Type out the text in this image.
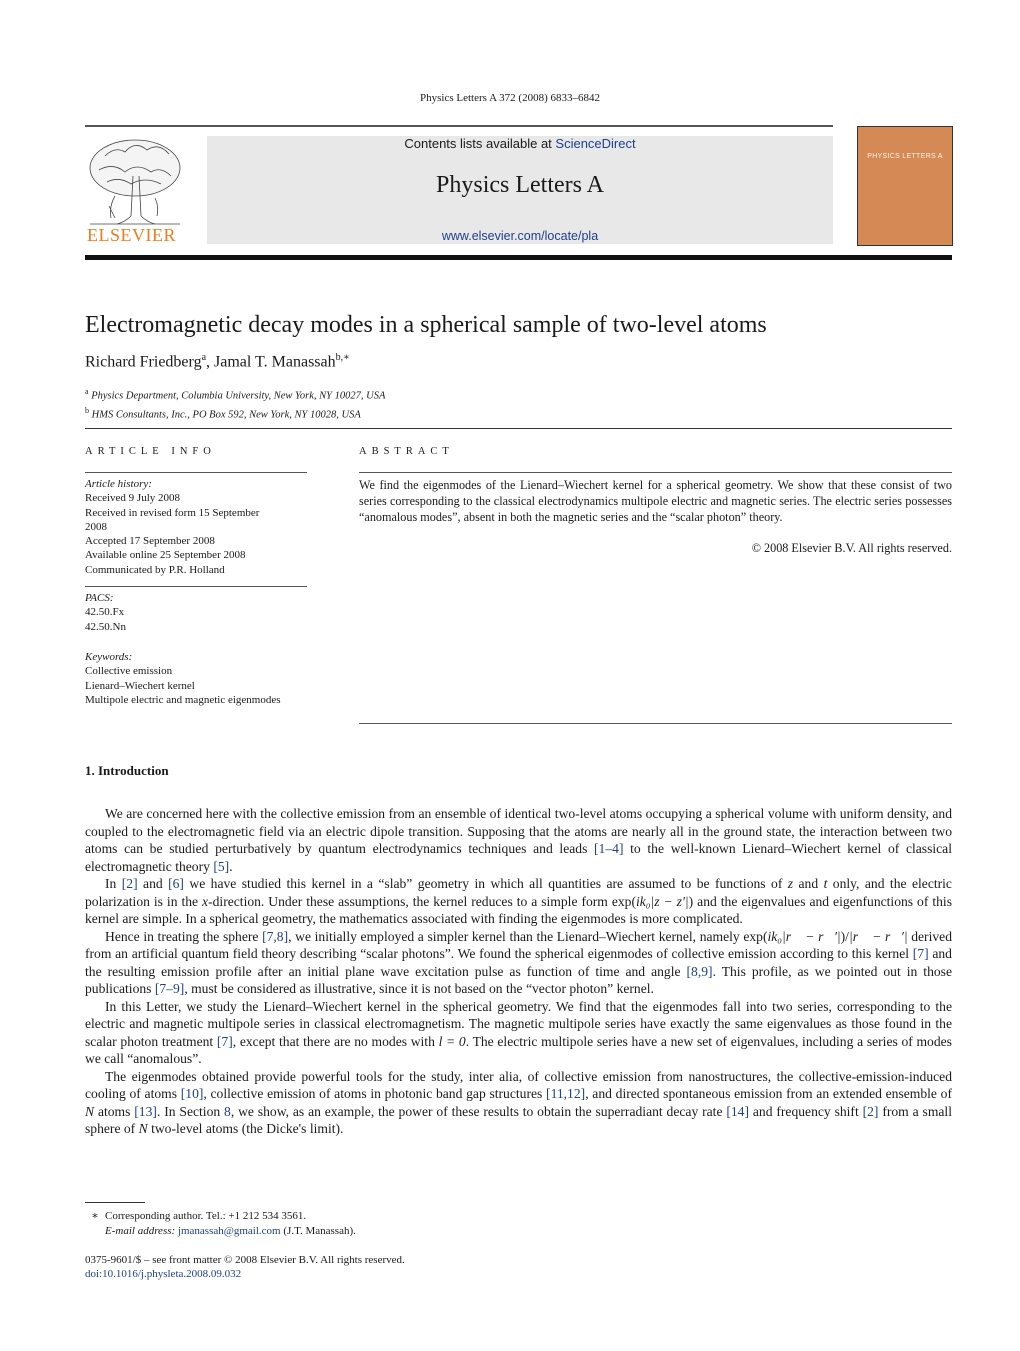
Physics Letters A 372 (2008) 6833–6842
ELSEVIER
Contents lists available at ScienceDirect
Physics Letters A
www.elsevier.com/locate/pla
PHYSICS LETTERS A
Electromagnetic decay modes in a spherical sample of two-level atoms
Richard Friedberg$^a$, Jamal T. Manassah$^{b,∗}$
$^a$ Physics Department, Columbia University, New York, NY 10027, USA
$^b$ HMS Consultants, Inc., PO Box 592, New York, NY 10028, USA
ARTICLE INFO
Article history:
Received 9 July 2008
Received in revised form 15 September
2008
Accepted 17 September 2008
Available online 25 September 2008
Communicated by P.R. Holland
PACS:
42.50.Fx
42.50.Nn
Keywords:
Collective emission
Lienard–Wiechert kernel
Multipole electric and magnetic eigenmodes
ABSTRACT
We find the eigenmodes of the Lienard–Wiechert kernel for a spherical geometry. We show that these consist of two series corresponding to the classical electrodynamics multipole electric and magnetic series. The electric series possesses “anomalous modes”, absent in both the magnetic series and the “scalar photon” theory.
© 2008 Elsevier B.V. All rights reserved.
1. Introduction

We are concerned here with the collective emission from an ensemble of identical two-level atoms occupying a spherical volume with uniform density, and coupled to the electromagnetic field via an electric dipole transition. Supposing that the atoms are nearly all in the ground state, the interaction between two atoms can be studied perturbatively by quantum electrodynamics techniques and leads [1–4] to the well-known Lienard–Wiechert kernel of classical electromagnetic theory [5].

In [2] and [6] we have studied this kernel in a “slab” geometry in which all quantities are assumed to be functions of z and t only, and the electric polarization is in the x-direction. Under these assumptions, the kernel reduces to a simple form exp(ik₀|z − z′|) and the eigenvalues and eigenfunctions of this kernel are simple. In a spherical geometry, the mathematics associated with finding the eigenmodes is more complicated.

Hence in treating the sphere [7,8], we initially employed a simpler kernel than the Lienard–Wiechert kernel, namely exp(ik₀|r⃗ − r⃗′|)/|r⃗ − r⃗′| derived from an artificial quantum field theory describing “scalar photons”. We found the spherical eigenmodes of collective emission according to this kernel [7] and the resulting emission profile after an initial plane wave excitation pulse as function of time and angle [8,9]. This profile, as we pointed out in those publications [7–9], must be considered as illustrative, since it is not based on the “vector photon” kernel.

In this Letter, we study the Lienard–Wiechert kernel in the spherical geometry. We find that the eigenmodes fall into two series, corresponding to the electric and magnetic multipole series in classical electromagnetism. The magnetic multipole series have exactly the same eigenvalues as those found in the scalar photon treatment [7], except that there are no modes with l = 0. The electric multipole series have a new set of eigenvalues, including a series of modes we call “anomalous”.

The eigenmodes obtained provide powerful tools for the study, inter alia, of collective emission from nanostructures, the collective-emission-induced cooling of atoms [10], collective emission of atoms in photonic band gap structures [11,12], and directed spontaneous emission from an extended ensemble of N atoms [13]. In Section 8, we show, as an example, the power of these results to obtain the superradiant decay rate [14] and frequency shift [2] from a small sphere of N two-level atoms (the Dicke's limit).

∗ Corresponding author. Tel.: +1 212 534 3561.
E-mail address: jmanassah@gmail.com (J.T. Manassah).
0375-9601/$ – see front matter © 2008 Elsevier B.V. All rights reserved.
doi:10.1016/j.physleta.2008.09.032
